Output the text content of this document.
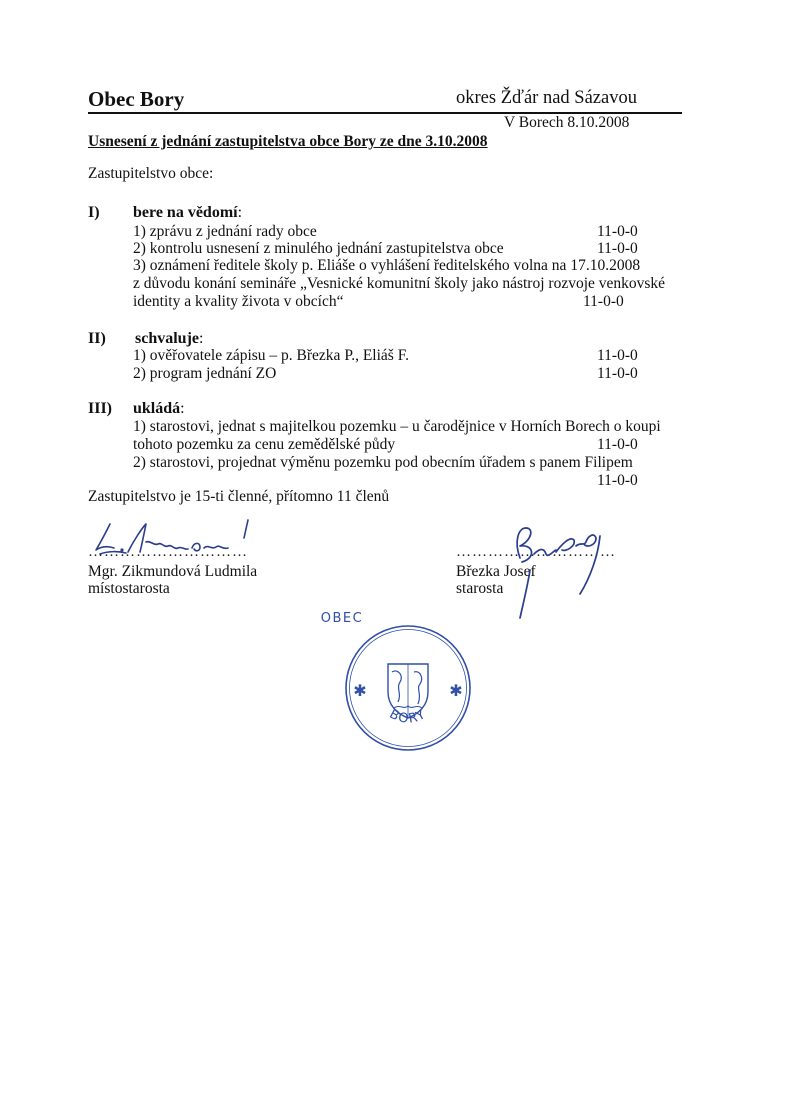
Obec Bory	okres Žďár nad Sázavou
V Borech 8.10.2008
Usnesení z jednání zastupitelstva obce Bory ze dne 3.10.2008
Zastupitelstvo obce:
I) bere na vědomí:
1) zprávu z jednání rady obce	11-0-0
2) kontrolu usnesení z minulého jednání zastupitelstva obce	11-0-0
3) oznámení ředitele školy p. Eliáše o vyhlášení ředitelského volna na 17.10.2008
z důvodu konání semináře „Vesnické komunitní školy jako nástroj rozvoje venkovské
identity a kvality života v obcích“	11-0-0
II) schvaluje:
1) ověřovatele zápisu – p. Březka P., Eliáš F.	11-0-0
2) program jednání ZO	11-0-0
III) ukládá:
1) starostovi, jednat s majitelkou pozemku – u čarodějnice v Horních Borech o koupi
tohoto pozemku za cenu zemědělské půdy	11-0-0
2) starostovi, projednat výměnu pozemku pod obecním úřadem s panem Filipem
11-0-0
Zastupitelstvo je 15-ti členné, přítomno 11 členů
…………………………
Mgr. Zikmundová Ludmila
místostarosta
…………………………
Březka Josef
starosta
OBEC
BORY
✱	✱
